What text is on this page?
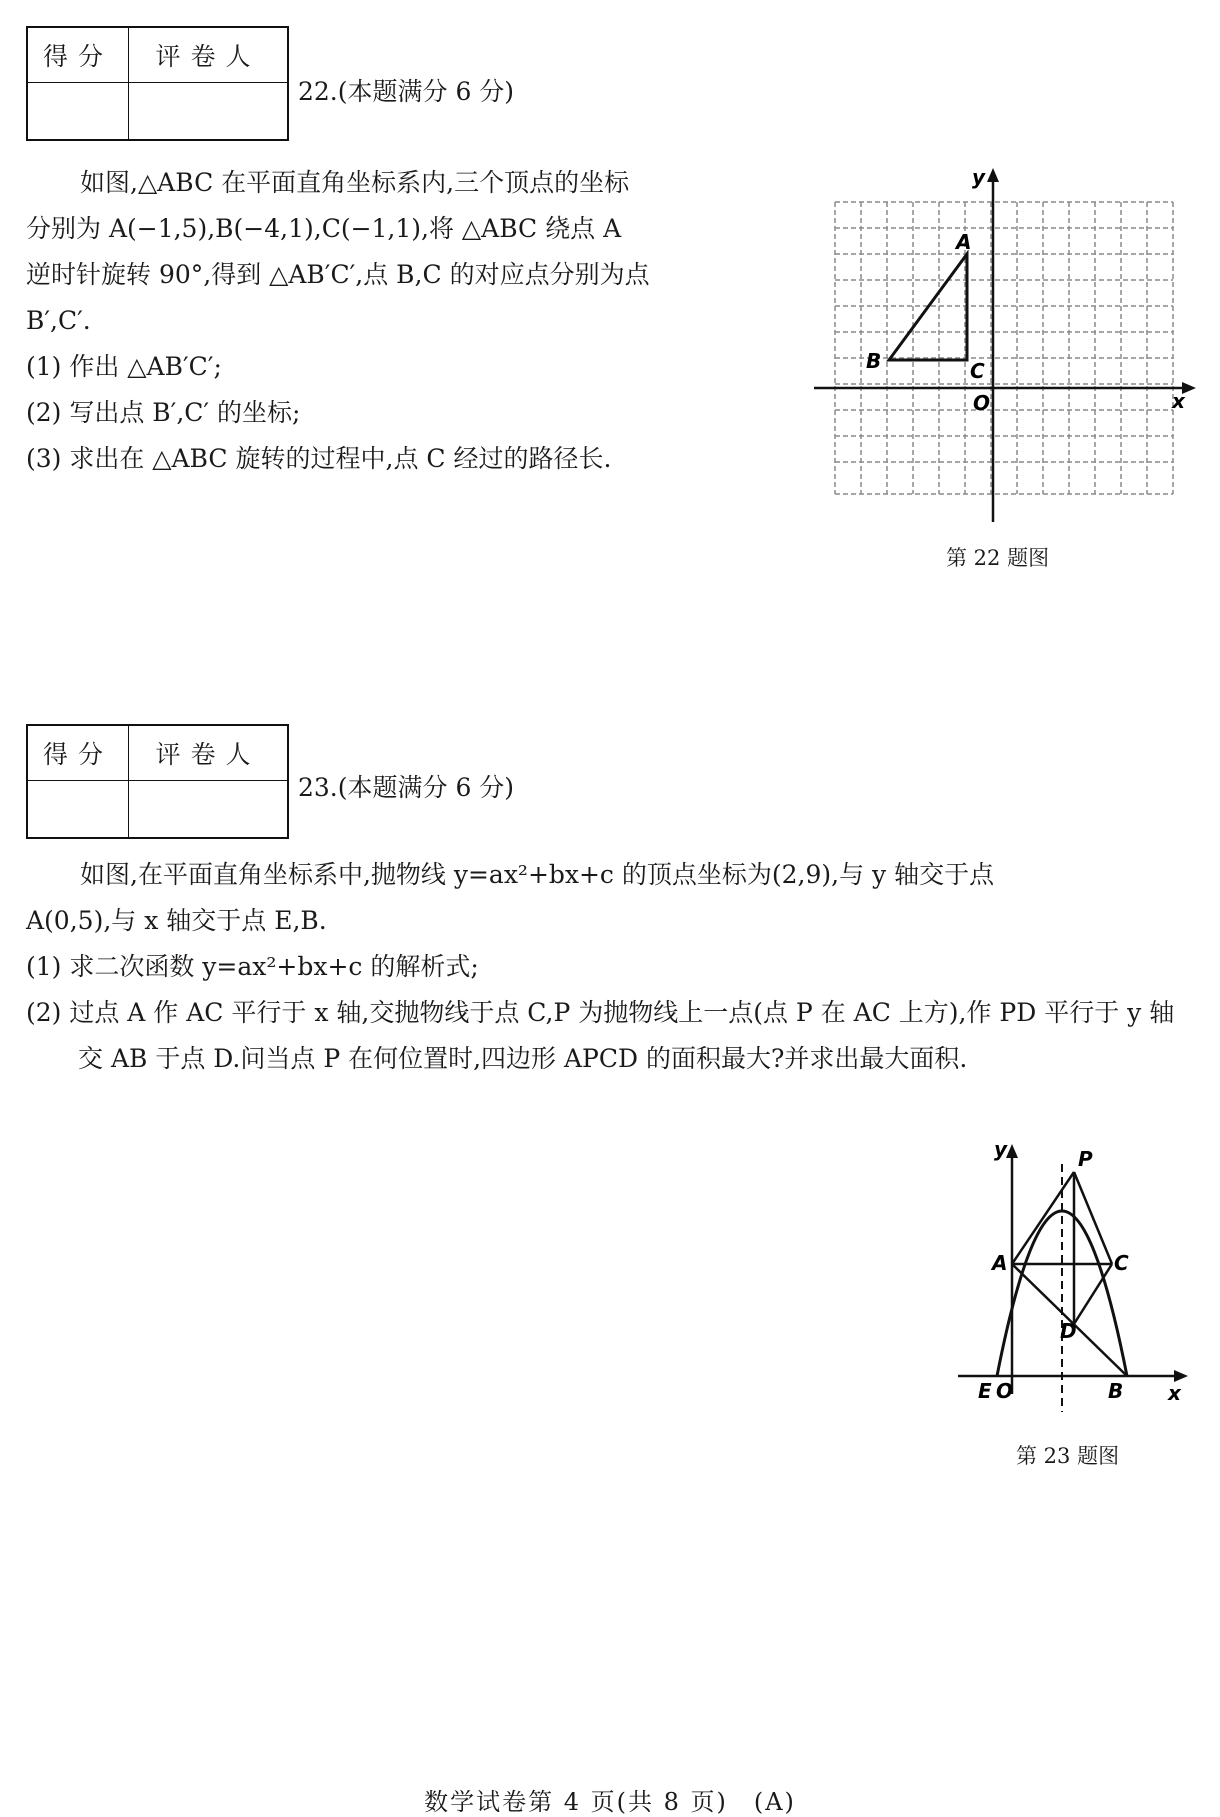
得分	评卷人

22.(本题满分 6 分)

如图,△ABC 在平面直角坐标系内,三个顶点的坐标

分别为 A(−1,5),B(−4,1),C(−1,1),将 △ABC 绕点 A

逆时针旋转 90°,得到 △AB′C′,点 B,C 的对应点分别为点

B′,C′.

(1) 作出 △AB′C′;

(2) 写出点 B′,C′ 的坐标;

(3) 求出在 △ABC 旋转的过程中,点 C 经过的路径长.

y
x
A
B	C
O
第 22 题图
得分	评卷人

23.(本题满分 6 分)

如图,在平面直角坐标系中,抛物线 y=ax²+bx+c 的顶点坐标为(2,9),与 y 轴交于点

A(0,5),与 x 轴交于点 E,B.

(1) 求二次函数 y=ax²+bx+c 的解析式;

(2) 过点 A 作 AC 平行于 x 轴,交抛物线于点 C,P 为抛物线上一点(点 P 在 AC 上方),作 PD 平行于 y 轴交 AB 于点 D.问当点 P 在何位置时,四边形 APCD 的面积最大?并求出最大面积.

y
x
P
A	C
D
E O	B
第 23 题图
数学试卷第 4 页(共 8 页)　(A)
